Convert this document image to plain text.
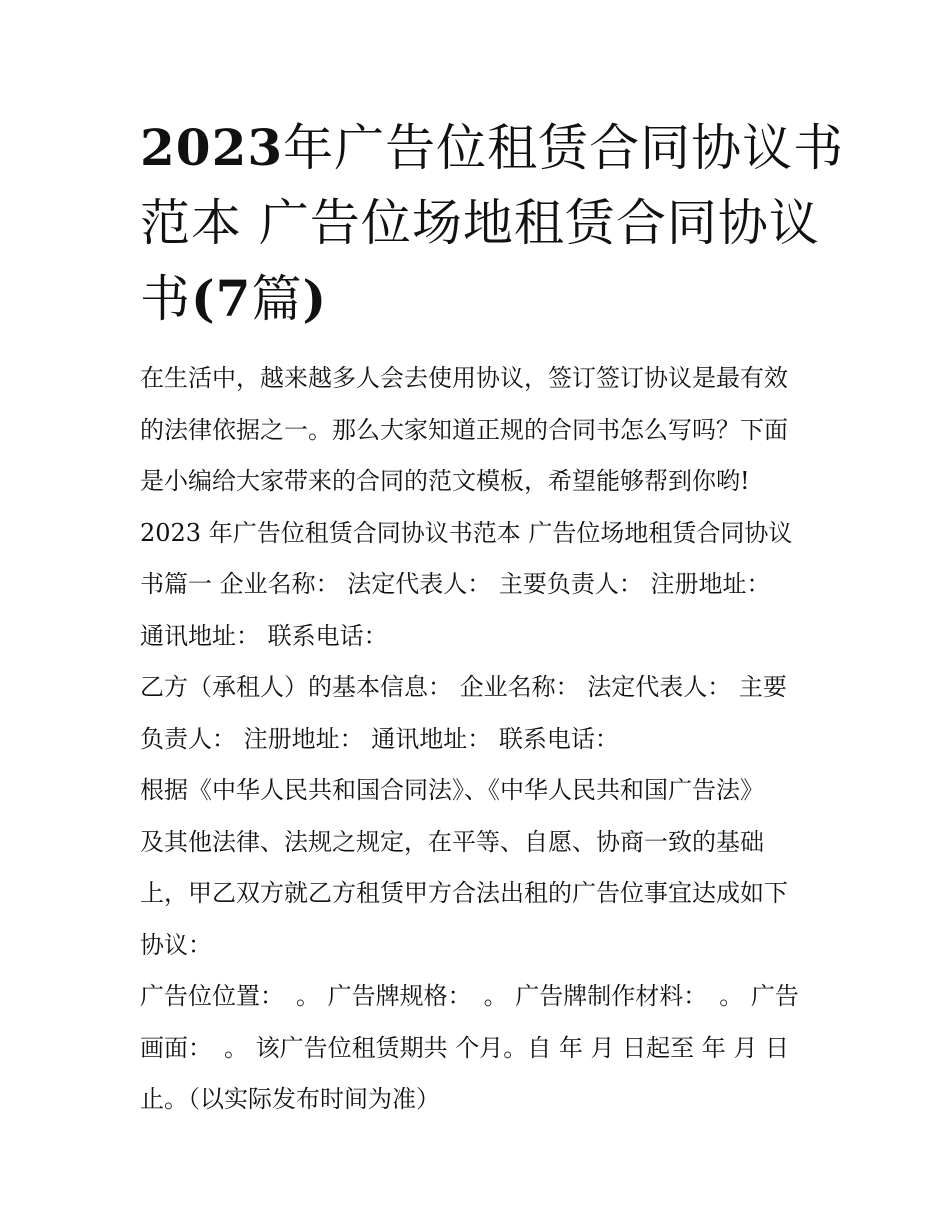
2023年广告位租赁合同协议书
范本 广告位场地租赁合同协议
书(7篇)
在生活中，越来越多人会去使用协议，签订签订协议是最有效
的法律依据之一。那么大家知道正规的合同书怎么写吗？下面
是小编给大家带来的合同的范文模板，希望能够帮到你哟!
2023 年广告位租赁合同协议书范本 广告位场地租赁合同协议
书篇一 企业名称： 法定代表人： 主要负责人： 注册地址：
通讯地址： 联系电话：
乙方（承租人）的基本信息： 企业名称： 法定代表人： 主要
负责人： 注册地址： 通讯地址： 联系电话：
根据《中华人民共和国合同法》、《中华人民共和国广告法》
及其他法律、法规之规定，在平等、自愿、协商一致的基础
上，甲乙双方就乙方租赁甲方合法出租的广告位事宜达成如下
协议：
广告位位置：　。 广告牌规格：　。 广告牌制作材料：　。 广告
画面：　。 该广告位租赁期共 个月。自 年 月 日起至 年 月 日
止。（以实际发布时间为准）
